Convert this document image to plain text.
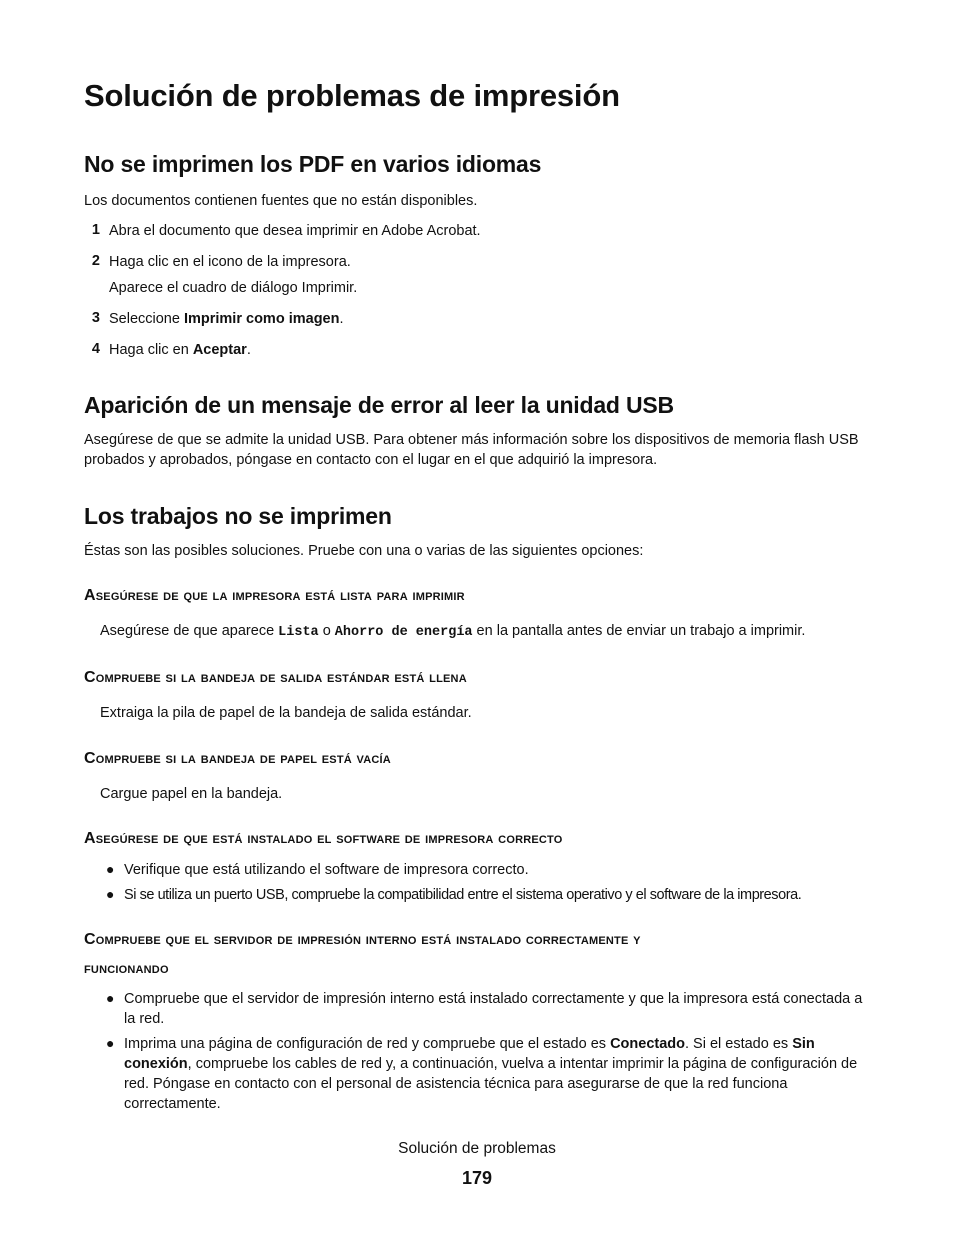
Solución de problemas de impresión
No se imprimen los PDF en varios idiomas

Los documentos contienen fuentes que no están disponibles.

1 Abra el documento que desea imprimir en Adobe Acrobat.
2 Haga clic en el icono de la impresora.
Aparece el cuadro de diálogo Imprimir.
3 Seleccione Imprimir como imagen.
4 Haga clic en Aceptar.
Aparición de un mensaje de error al leer la unidad USB

Asegúrese de que se admite la unidad USB. Para obtener más información sobre los dispositivos de memoria flash USB probados y aprobados, póngase en contacto con el lugar en el que adquirió la impresora.

Los trabajos no se imprimen

Éstas son las posibles soluciones. Pruebe con una o varias de las siguientes opciones:

Asegúrese de que la impresora está lista para imprimir
Asegúrese de que aparece Lista o Ahorro de energía en la pantalla antes de enviar un trabajo a imprimir.
Compruebe si la bandeja de salida estándar está llena
Extraiga la pila de papel de la bandeja de salida estándar.
Compruebe si la bandeja de papel está vacía
Cargue papel en la bandeja.
Asegúrese de que está instalado el software de impresora correcto
● Verifique que está utilizando el software de impresora correcto.
● Si se utiliza un puerto USB, compruebe la compatibilidad entre el sistema operativo y el software de la impresora.
Compruebe que el servidor de impresión interno está instalado correctamente y
funcionando
● Compruebe que el servidor de impresión interno está instalado correctamente y que la impresora está conectada a la red.
● Imprima una página de configuración de red y compruebe que el estado es Conectado. Si el estado es Sin conexión, compruebe los cables de red y, a continuación, vuelva a intentar imprimir la página de configuración de red. Póngase en contacto con el personal de asistencia técnica para asegurarse de que la red funciona correctamente.
Solución de problemas
179
